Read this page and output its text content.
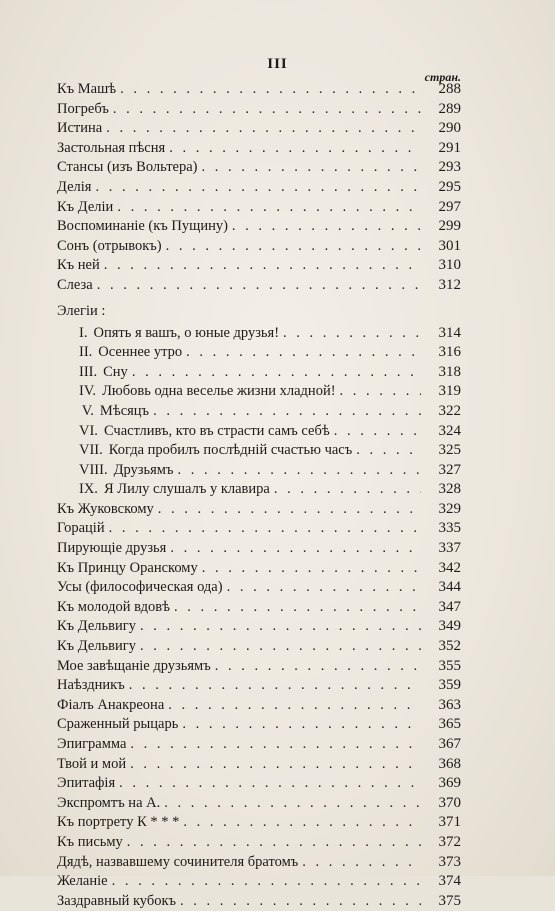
III
стран.
Къ Машѣ . . .	288
Погребъ . . .	289
Истина . . .	290
Застольная пѣсня . . .	291
Стансы (изъ Вольтера) . . .	293
Делія . . .	295
Къ Деліи . . .	297
Воспоминаніе (къ Пущину) . . .	299
Сонъ (отрывокъ) . . .	301
Къ ней . . .	310
Слеза . . .	312
Элегіи :
I. Опять я вашъ, о юные друзья! . . .	314
II. Осеннее утро . . .	316
III. Сну . . .	318
IV. Любовь одна веселье жизни хладной! . . .	319
V. Мѣсяцъ . . .	322
VI. Счастливъ, кто въ страсти самъ себѣ . . .	324
VII. Когда пробилъ послѣдній счастью часъ . . .	325
VIII. Друзьямъ . . .	327
IX. Я Лилу слушалъ у клавира . . .	328
Къ Жуковскому . . .	329
Горацій . . .	335
Пирующіе друзья . . .	337
Къ Принцу Оранскому . . .	342
Усы (философическая ода) . . .	344
Къ молодой вдовѣ . . .	347
Къ Дельвигу . . .	349
Къ Дельвигу . . .	352
Мое завѣщаніе друзьямъ . . .	355
Наѣздникъ . . .	359
Фіалъ Анакреона . . .	363
Сраженный рыцарь . . .	365
Эпиграмма . . .	367
Твой и мой . . .	368
Эпитафія . . .	369
Экспромтъ на А. . . .	370
Къ портрету К * * * . . .	371
Къ письму . . .	372
Дядѣ, назвавшему сочинителя братомъ . . .	373
Желаніе . . .	374
Заздравный кубокъ . . .	375
